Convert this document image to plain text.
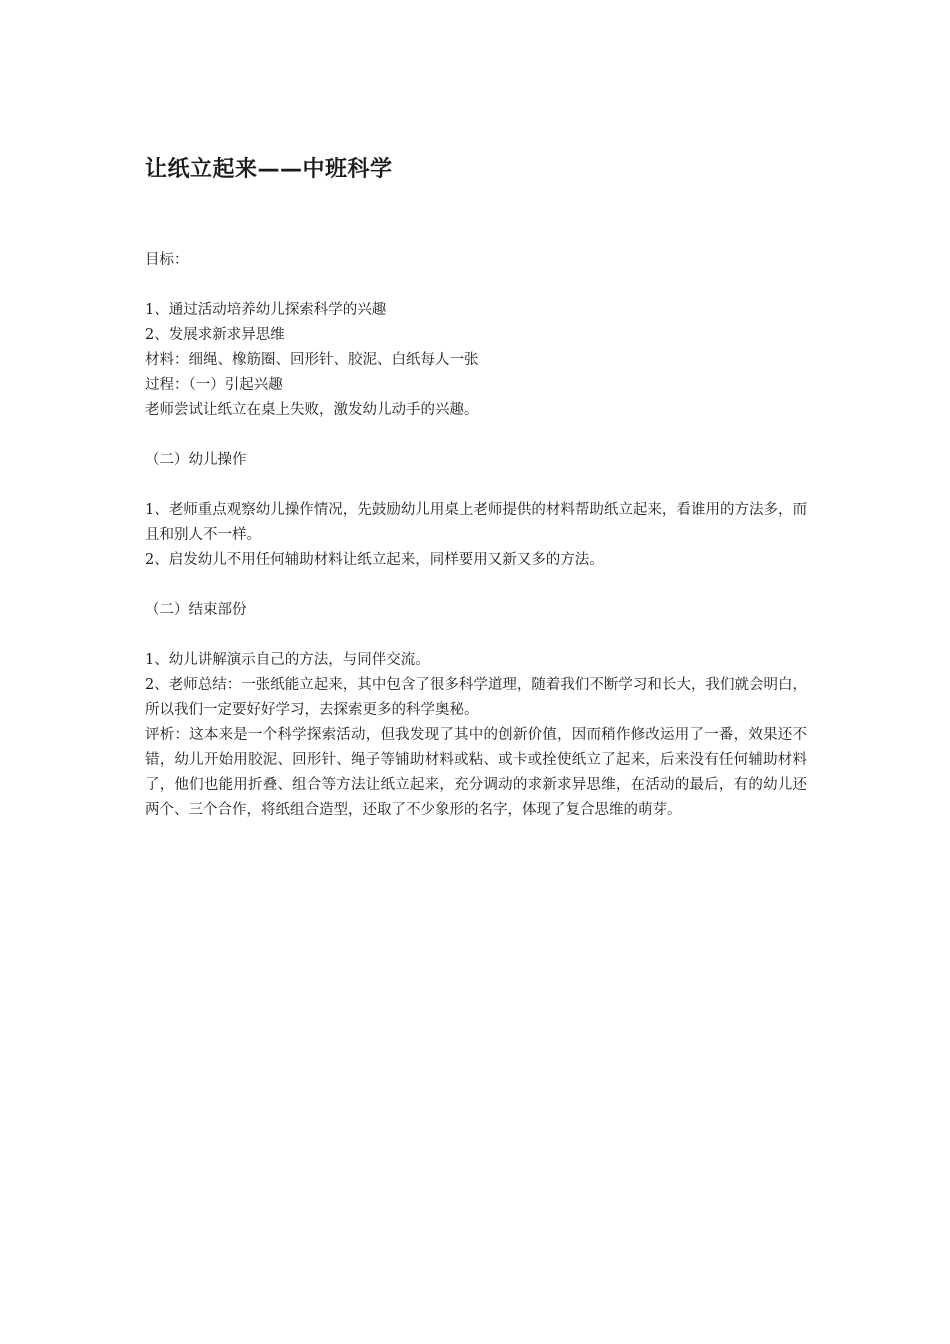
让纸立起来——中班科学

目标：

1、通过活动培养幼儿探索科学的兴趣

2、发展求新求异思维

材料：细绳、橡筋圈、回形针、胶泥、白纸每人一张

过程：（一）引起兴趣

老师尝试让纸立在桌上失败，激发幼儿动手的兴趣。

（二）幼儿操作

1、老师重点观察幼儿操作情况，先鼓励幼儿用桌上老师提供的材料帮助纸立起来，看谁用的方法多，而且和别人不一样。

2、启发幼儿不用任何辅助材料让纸立起来，同样要用又新又多的方法。

（二）结束部份

1、幼儿讲解演示自己的方法，与同伴交流。

2、老师总结：一张纸能立起来，其中包含了很多科学道理，随着我们不断学习和长大，我们就会明白，所以我们一定要好好学习，去探索更多的科学奥秘。

评析：这本来是一个科学探索活动，但我发现了其中的创新价值，因而稍作修改运用了一番，效果还不错，幼儿开始用胶泥、回形针、绳子等铺助材料或粘、或卡或拴使纸立了起来，后来没有任何辅助材料了，他们也能用折叠、组合等方法让纸立起来，充分调动的求新求异思维，在活动的最后，有的幼儿还两个、三个合作，将纸组合造型，还取了不少象形的名字，体现了复合思维的萌芽。
